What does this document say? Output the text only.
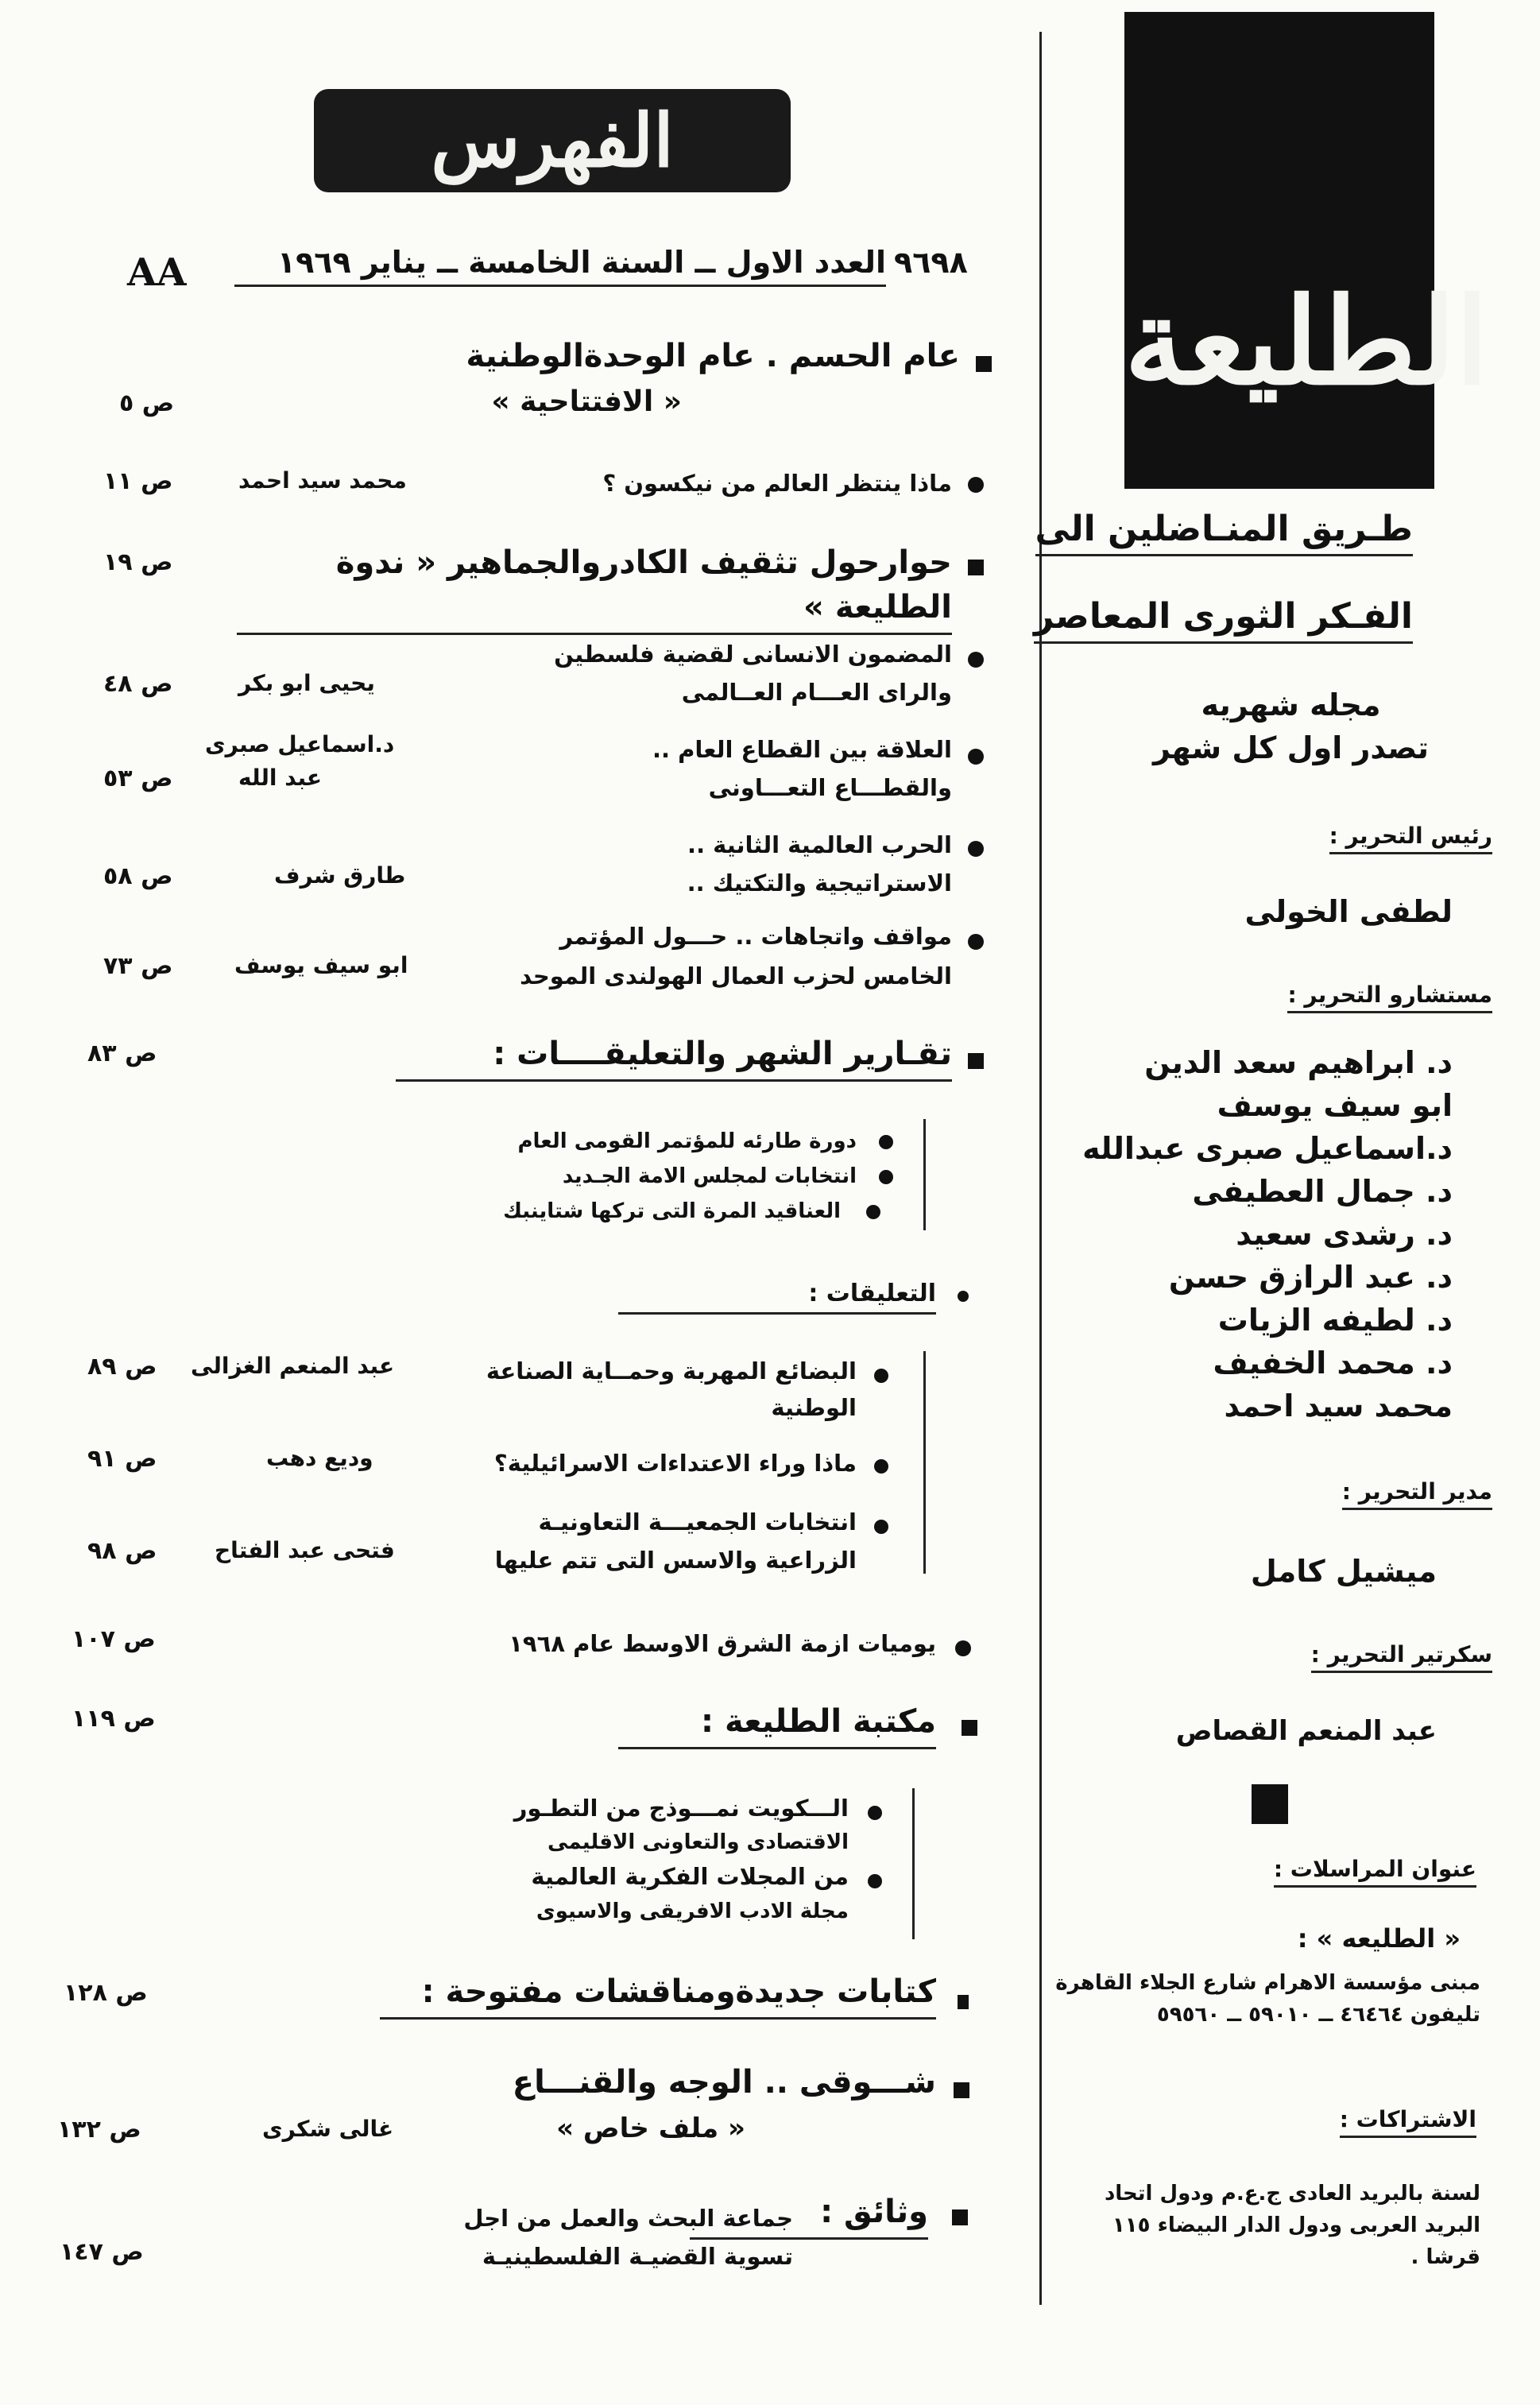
الطليعة
طـريق المنـاضلين الى
الفـكر الثورى المعاصر
مجله شهريه
تصدر اول كل شهر
رئيس التحرير :
لطفى الخولى
مستشارو التحرير :
د. ابراهيم سعد الدين
ابو سيف يوسف
د.اسماعيل صبرى عبدالله
د. جمال العطيفى
د. رشدى سعيد
د. عبد الرازق حسن
د. لطيفه الزيات
د. محمد الخفيف
محمد سيد احمد
مدير التحرير :
ميشيل كامل
سكرتير التحرير :
عبد المنعم القصاص
عنوان المراسلات :
« الطليعه » :
مبنى مؤسسة الاهرام شارع الجلاء القاهرة تليفون ٤٦٤٦٤ ــ ٥٩٠١٠ ــ ٥٩٥٦٠
الاشتراكات :
لسنة بالبريد العادى ج.ع.م ودول اتحاد البريد العربى ودول الدار البيضاء ١١٥ قرشا .
الفهرس
AA	العدد الاول ــ السنة الخامسة ــ يناير ١٩٦٩ ٩٦٩٨
عام الحسم . عام الوحدةالوطنية
« الافتتاحية »
ص ٥
ماذا ينتظر العالم من نيكسون ؟
محمد سيد احمد
ص ١١
حوارحول تثقيف الكادروالجماهير « ندوة الطليعة »
ص ١٩
المضمون الانسانى لقضية فلسطين
والراى العـــام العــالمى
يحيى ابو بكر
ص ٤٨
العلاقة بين القطاع العام ..
والقطـــاع التعـــاونى
د.اسماعيل صبرى
عبد الله
ص ٥٣
الحرب العالمية الثانية ..
الاستراتيجية والتكتيك ..
طارق شرف
ص ٥٨
مواقف واتجاهات .. حـــول المؤتمر
الخامس لحزب العمال الهولندى الموحد
ابو سيف يوسف
ص ٧٣
تقـارير الشهر والتعليقــــات :
ص ٨٣
دورة طارئه للمؤتمر القومى العام
انتخابات لمجلس الامة الجـديد
العناقيد المرة التى تركها شتاينبك
التعليقات :
البضائع المهربة وحمــاية الصناعة
الوطنية
عبد المنعم الغزالى
ص ٨٩
ماذا وراء الاعتداءات الاسرائيلية؟
وديع دهب
ص ٩١
انتخابات الجمعيـــة التعاونيـة
الزراعية والاسس التى تتم عليها
فتحى عبد الفتاح
ص ٩٨
يوميات ازمة الشرق الاوسط عام ١٩٦٨
ص ١٠٧
مكتبة الطليعة :
ص ١١٩
الـــكويت نمـــوذج من التطـور
الاقتصادى والتعاونى الاقليمى
من المجلات الفكرية العالمية
مجلة الادب الافريقى والاسيوى
كتابات جديدةومناقشات مفتوحة :
ص ١٢٨
شـــوقى .. الوجه والقنـــاع
« ملف خاص »
غالى شكرى
ص ١٣٢
وثائق :
جماعة البحث والعمل من اجل
تسوية القضيـة الفلسطينيـة
ص ١٤٧
